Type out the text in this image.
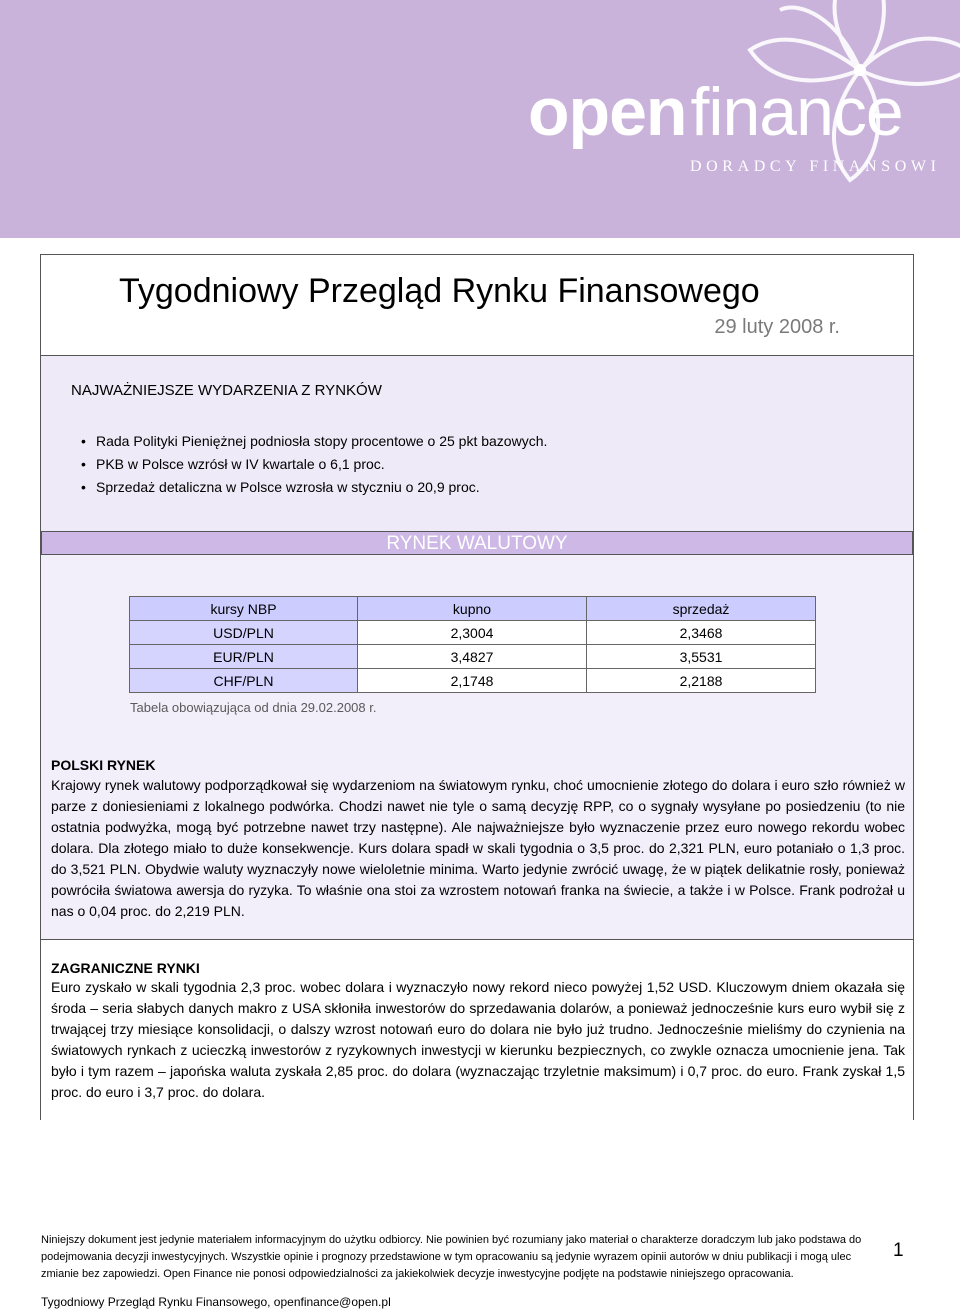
openfinance
DORADCY FINANSOWI
Tygodniowy Przegląd Rynku Finansowego
29 luty 2008 r.
NAJWAŻNIEJSZE WYDARZENIA Z RYNKÓW
• Rada Polityki Pieniężnej podniosła stopy procentowe o 25 pkt bazowych.
• PKB w Polsce wzrósł w IV kwartale o 6,1 proc.
• Sprzedaż detaliczna w Polsce wzrosła w styczniu o 20,9 proc.
RYNEK WALUTOWY
kursy NBP	kupno	sprzedaż
USD/PLN	2,3004	2,3468
EUR/PLN	3,4827	3,5531
CHF/PLN	2,1748	2,2188
Tabela obowiązująca od dnia 29.02.2008 r.
POLSKI RYNEK
Krajowy rynek walutowy podporządkował się wydarzeniom na światowym rynku, choć umocnienie złotego do dolara i euro szło również w parze z doniesieniami z lokalnego podwórka. Chodzi nawet nie tyle o samą decyzję RPP, co o sygnały wysyłane po posiedzeniu (to nie ostatnia podwyżka, mogą być potrzebne nawet trzy następne). Ale najważniejsze było wyznaczenie przez euro nowego rekordu wobec dolara. Dla złotego miało to duże konsekwencje. Kurs dolara spadł w skali tygodnia o 3,5 proc. do 2,321 PLN, euro potaniało o 1,3 proc. do 3,521 PLN. Obydwie waluty wyznaczyły nowe wieloletnie minima. Warto jedynie zwrócić uwagę, że w piątek delikatnie rosły, ponieważ powróciła światowa awersja do ryzyka. To właśnie ona stoi za wzrostem notowań franka na świecie, a także i w Polsce. Frank podrożał u nas o 0,04 proc. do 2,219 PLN.
ZAGRANICZNE RYNKI
Euro zyskało w skali tygodnia 2,3 proc. wobec dolara i wyznaczyło nowy rekord nieco powyżej 1,52 USD. Kluczowym dniem okazała się środa – seria słabych danych makro z USA skłoniła inwestorów do sprzedawania dolarów, a ponieważ jednocześnie kurs euro wybił się z trwającej trzy miesiące konsolidacji, o dalszy wzrost notowań euro do dolara nie było już trudno. Jednocześnie mieliśmy do czynienia na światowych rynkach z ucieczką inwestorów z ryzykownych inwestycji w kierunku bezpiecznych, co zwykle oznacza umocnienie jena. Tak było i tym razem – japońska waluta zyskała 2,85 proc. do dolara (wyznaczając trzyletnie maksimum) i 0,7 proc. do euro. Frank zyskał 1,5 proc. do euro i 3,7 proc. do dolara.
Niniejszy dokument jest jedynie materiałem informacyjnym do użytku odbiorcy. Nie powinien być rozumiany jako materiał o charakterze doradczym lub jako podstawa do podejmowania decyzji inwestycyjnych. Wszystkie opinie i prognozy przedstawione w tym opracowaniu są jedynie wyrazem opinii autorów w dniu publikacji i mogą ulec zmianie bez zapowiedzi. Open Finance nie ponosi odpowiedzialności za jakiekolwiek decyzje inwestycyjne podjęte na podstawie niniejszego opracowania.
1
Tygodniowy Przegląd Rynku Finansowego, openfinance@open.pl
